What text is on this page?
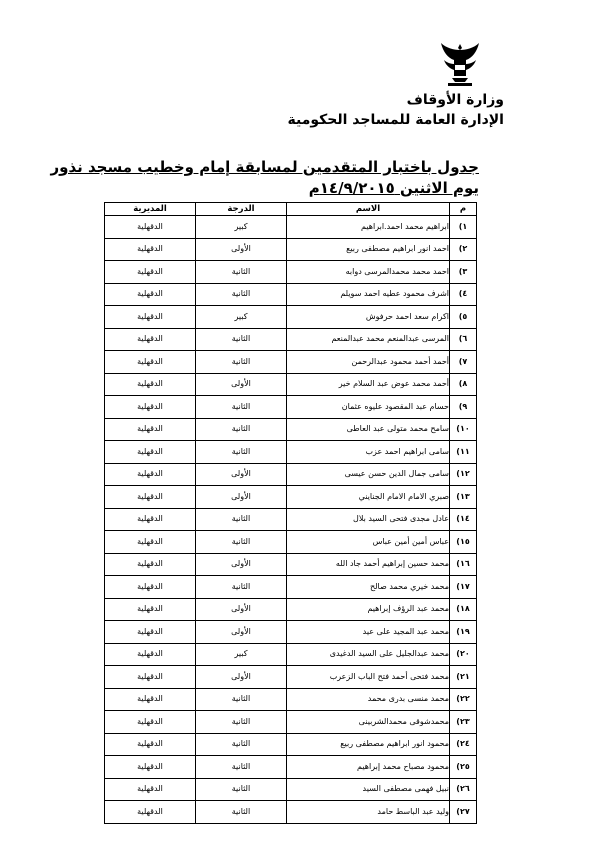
وزارة الأوقاف

الإدارة العامة للمساجد الحكومية

جدول باختبار المتقدمين لمسابقة إمام وخطيب مسجد نذور

يوم الاثنين ١٤/٩/٢٠١٥م

م	الاسم	الدرجة	المديرية
١)	ابراهيم محمد احمد.ابراهيم	كبير	الدقهلية
٢)	احمد انور ابراهيم مصطفى ربيع	الأولى	الدقهلية
٣)	احمد محمد محمدالمرسى دوابه	الثانية	الدقهلية
٤)	اشرف محمود عطيه احمد سويلم	الثانية	الدقهلية
٥)	اكرام سعد احمد حرفوش	كبير	الدقهلية
٦)	المرسى عبدالمنعم محمد عبدالمنعم	الثانية	الدقهلية
٧)	أحمد أحمد محمود عبدالرحمن	الثانية	الدقهلية
٨)	أحمد محمد عوض عبد السلام خير	الأولى	الدقهلية
٩)	حسام عبد المقصود عليوه عثمان	الثانية	الدقهلية
١٠)	سامح محمد متولى عبد العاطى	الثانية	الدقهلية
١١)	سامى ابراهيم احمد عزب	الثانية	الدقهلية
١٢)	سامى جمال الدين حسن عيسى	الأولى	الدقهلية
١٣)	صبري الامام الامام الجنايني	الأولى	الدقهلية
١٤)	عادل مجدى فتحى السيد بلال	الثانية	الدقهلية
١٥)	عباس أمين أمين عباس	الثانية	الدقهلية
١٦)	محمد حسين إبراهيم أحمد جاد الله	الأولى	الدقهلية
١٧)	محمد خيري محمد صالح	الثانية	الدقهلية
١٨)	محمد عبد الرؤف إبراهيم	الأولى	الدقهلية
١٩)	محمد عبد المجيد على عيد	الأولى	الدقهلية
٢٠)	محمد عبدالجليل على السيد الدغيدى	كبير	الدقهلية
٢١)	محمد فتحى أحمد فتح الباب الزعرب	الأولى	الدقهلية
٢٢)	محمد منسى بدرى محمد	الثانية	الدقهلية
٢٣)	محمدشوقى محمدالشربينى	الثانية	الدقهلية
٢٤)	محمود انور ابراهيم مصطفى ربيع	الثانية	الدقهلية
٢٥)	محمود مصباح محمد إبراهيم	الثانية	الدقهلية
٢٦)	نبيل فهمى مصطفى السيد	الثانية	الدقهلية
٢٧)	وليد عبد الباسط حامد	الثانية	الدقهلية
